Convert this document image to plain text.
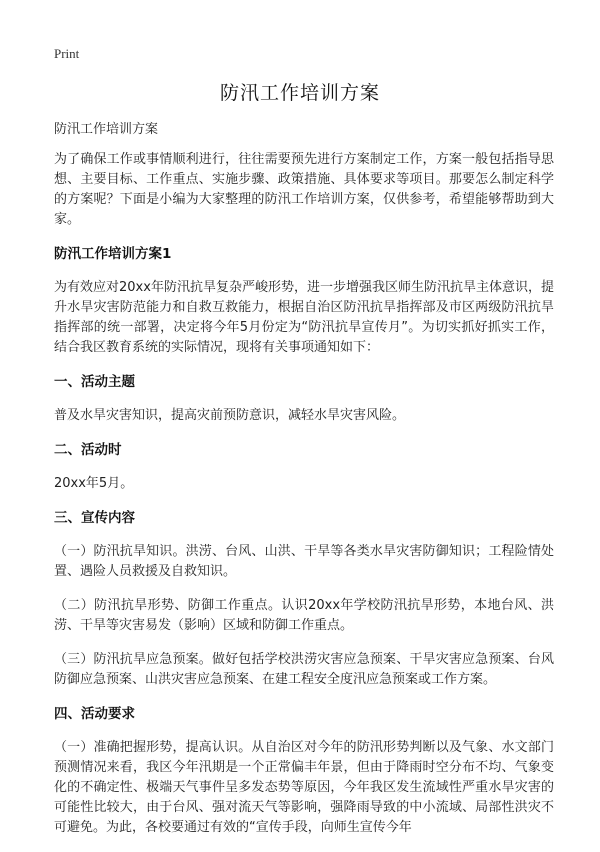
Print
防汛工作培训方案
防汛工作培训方案
为了确保工作或事情顺利进行，往往需要预先进行方案制定工作，方案一般包括指导思想、主要目标、工作重点、实施步骤、政策措施、具体要求等项目。那要怎么制定科学的方案呢？下面是小编为大家整理的防汛工作培训方案，仅供参考，希望能够帮助到大家。
防汛工作培训方案1
为有效应对20xx年防汛抗旱复杂严峻形势，进一步增强我区师生防汛抗旱主体意识，提升水旱灾害防范能力和自救互救能力，根据自治区防汛抗旱指挥部及市区两级防汛抗旱指挥部的统一部署，决定将今年5月份定为“防汛抗旱宣传月”。为切实抓好抓实工作，结合我区教育系统的实际情况，现将有关事项通知如下：
一、活动主题
普及水旱灾害知识，提高灾前预防意识，减轻水旱灾害风险。
二、活动时
20xx年5月。
三、宣传内容
（一）防汛抗旱知识。洪涝、台风、山洪、干旱等各类水旱灾害防御知识；工程险情处置、遇险人员救援及自救知识。
（二）防汛抗旱形势、防御工作重点。认识20xx年学校防汛抗旱形势，本地台风、洪涝、干旱等灾害易发（影响）区域和防御工作重点。
（三）防汛抗旱应急预案。做好包括学校洪涝灾害应急预案、干旱灾害应急预案、台风防御应急预案、山洪灾害应急预案、在建工程安全度汛应急预案或工作方案。
四、活动要求
（一）准确把握形势，提高认识。从自治区对今年的防汛形势判断以及气象、水文部门预测情况来看，我区今年汛期是一个正常偏丰年景，但由于降雨时空分布不均、气象变化的不确定性、极端天气事件呈多发态势等原因，今年我区发生流域性严重水旱灾害的可能性比较大，由于台风、强对流天气等影响，强降雨导致的中小流域、局部性洪灾不可避免。为此，各校要通过有效的“宣传手段，向师生宣传今年
